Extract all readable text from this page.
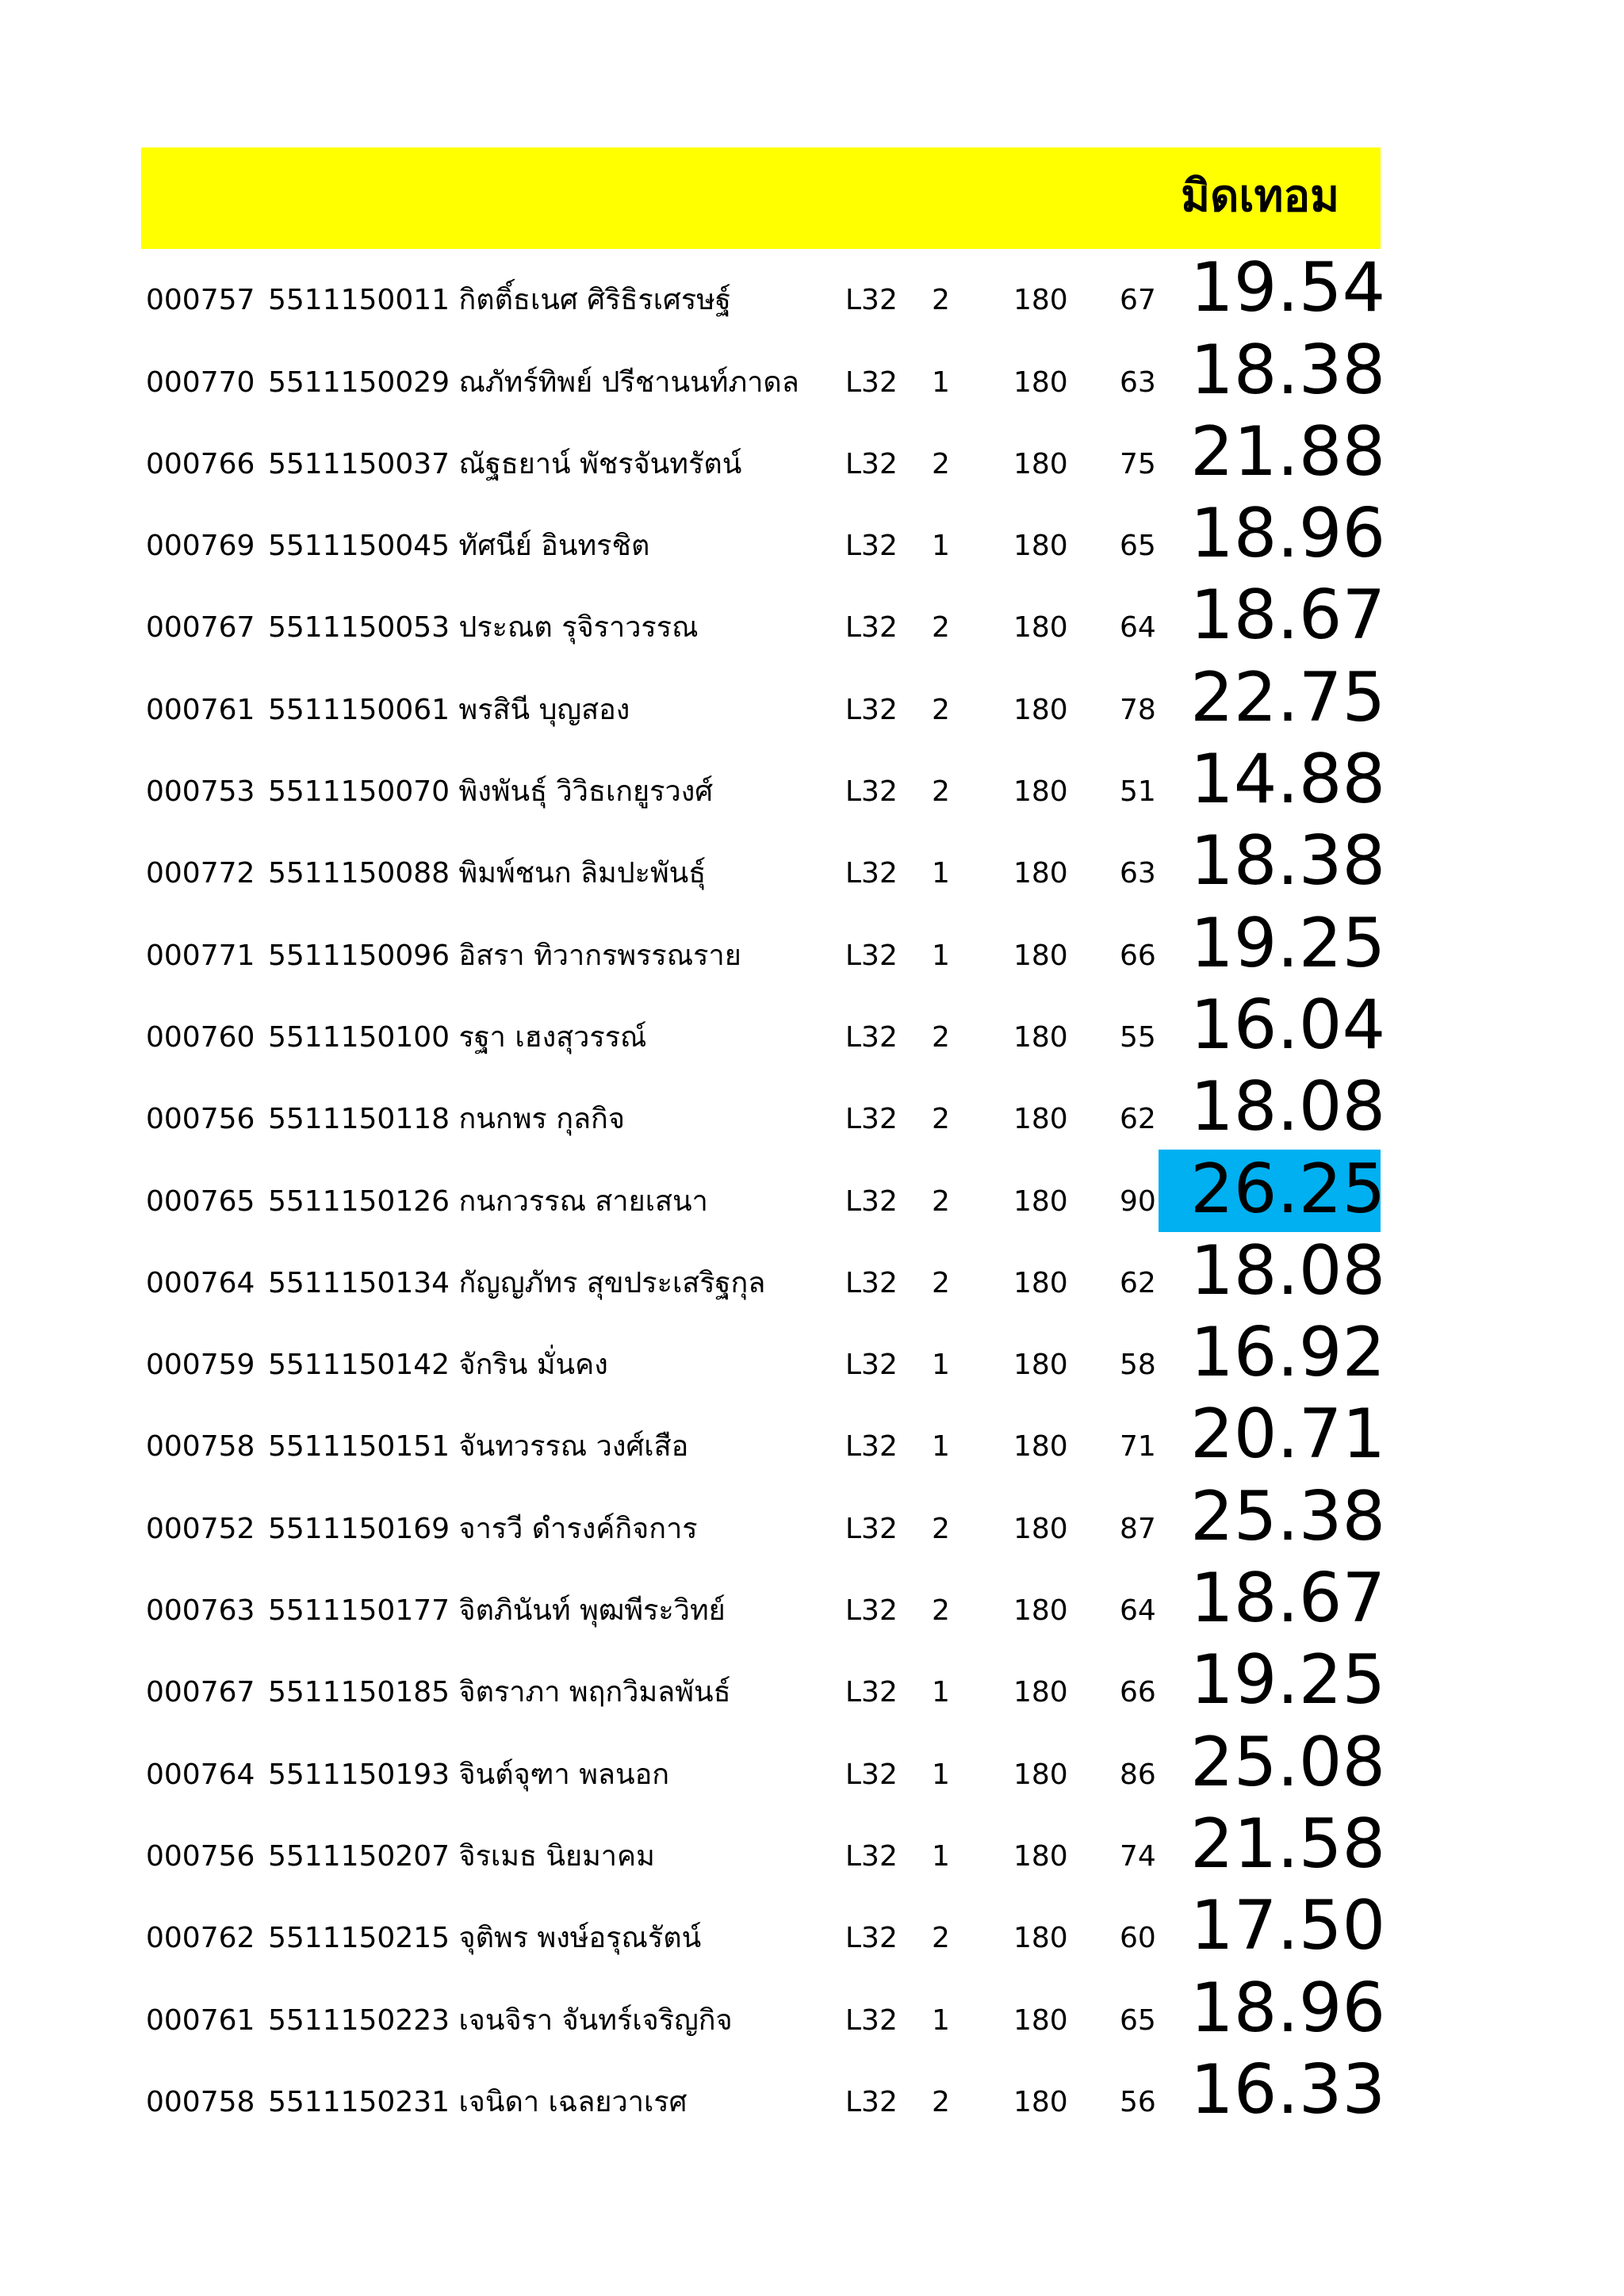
มิดเทอม
000757 5511150011 กิตติ์ธเนศ ศิริธิรเศรษฐ์	L32 2 180 67 19.54
000770 5511150029 ณภัทร์ทิพย์ ปรีชานนท์ภาดล L32 1 180 63 18.38
000766 5511150037 ณัฐธยาน์ พัชรจันทรัตน์	L32 2 180 75 21.88
000769 5511150045 ทัศนีย์ อินทรชิต	L32 1 180 65 18.96
000767 5511150053 ประณต รุจิราวรรณ	L32 2 180 64 18.67
000761 5511150061 พรสินี บุญสอง	L32 2 180 78 22.75
000753 5511150070 พิงพันธุ์ วิวิธเกยูรวงศ์	L32 2 180 51 14.88
000772 5511150088 พิมพ์ชนก ลิมปะพันธุ์	L32 1 180 63 18.38
000771 5511150096 อิสรา ทิวากรพรรณราย	L32 1 180 66 19.25
000760 5511150100 รฐา เฮงสุวรรณ์	L32 2 180 55 16.04
000756 5511150118 กนกพร กุลกิจ	L32 2 180 62 18.08
000765 5511150126 กนกวรรณ สายเสนา	L32 2 180 90 26.25
000764 5511150134 กัญญภัทร สุขประเสริฐกุล	L32 2 180 62 18.08
000759 5511150142 จักริน มั่นคง	L32 1 180 58 16.92
000758 5511150151 จันทวรรณ วงศ์เสือ	L32 1 180 71 20.71
000752 5511150169 จารวี ดำรงค์กิจการ	L32 2 180 87 25.38
000763 5511150177 จิตภินันท์ พุฒพีระวิทย์	L32 2 180 64 18.67
000767 5511150185 จิตราภา พฤกวิมลพันธ์	L32 1 180 66 19.25
000764 5511150193 จินต์จุฑา พลนอก	L32 1 180 86 25.08
000756 5511150207 จิรเมธ นิยมาคม	L32 1 180 74 21.58
000762 5511150215 จุติพร พงษ์อรุณรัตน์	L32 2 180 60 17.50
000761 5511150223 เจนจิรา จันทร์เจริญกิจ	L32 1 180 65 18.96
000758 5511150231 เจนิดา เฉลยวาเรศ	L32 2 180 56 16.33
